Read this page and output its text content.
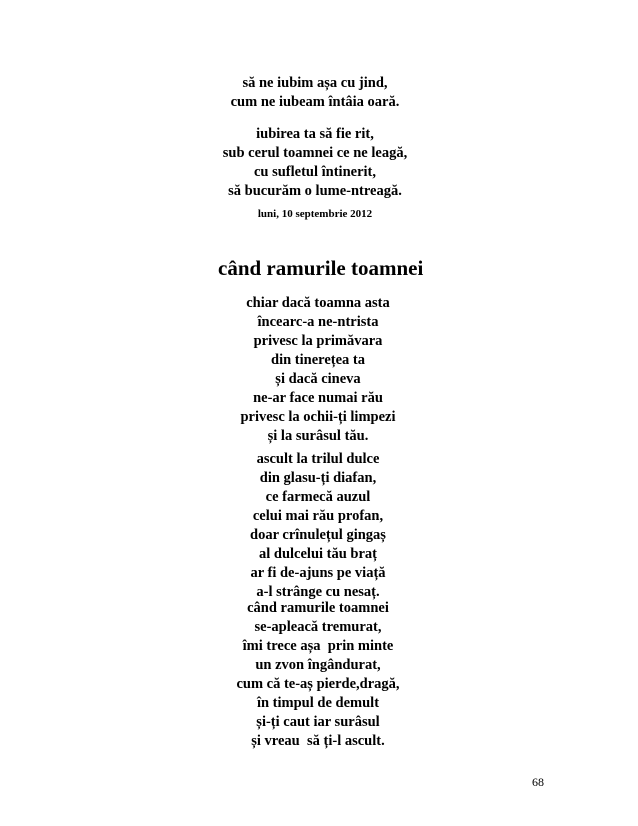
să ne iubim așa cu jind,
cum ne iubeam întâia oară.
iubirea ta să fie rit,
sub cerul toamnei ce ne leagă,
cu sufletul întinerit,
să bucurăm o lume-ntreagă.
luni, 10 septembrie 2012
când ramurile toamnei
chiar dacă toamna asta
încearc-a ne-ntrista
privesc la primăvara
din tinerețea ta
și dacă cineva
ne-ar face numai rău
privesc la ochii-ți limpezi
și la surâsul tău.
ascult la trilul dulce
din glasu-ți diafan,
ce farmecă auzul
celui mai rău profan,
doar crînulețul gingaș
al dulcelui tău braț
ar fi de-ajuns pe viață
a-l strânge cu nesaț.
când ramurile toamnei
se-apleacă tremurat,
îmi trece așa  prin minte
un zvon îngândurat,
cum că te-aș pierde,dragă,
în timpul de demult
și-ți caut iar surâsul
și vreau  să ți-l ascult.
68
